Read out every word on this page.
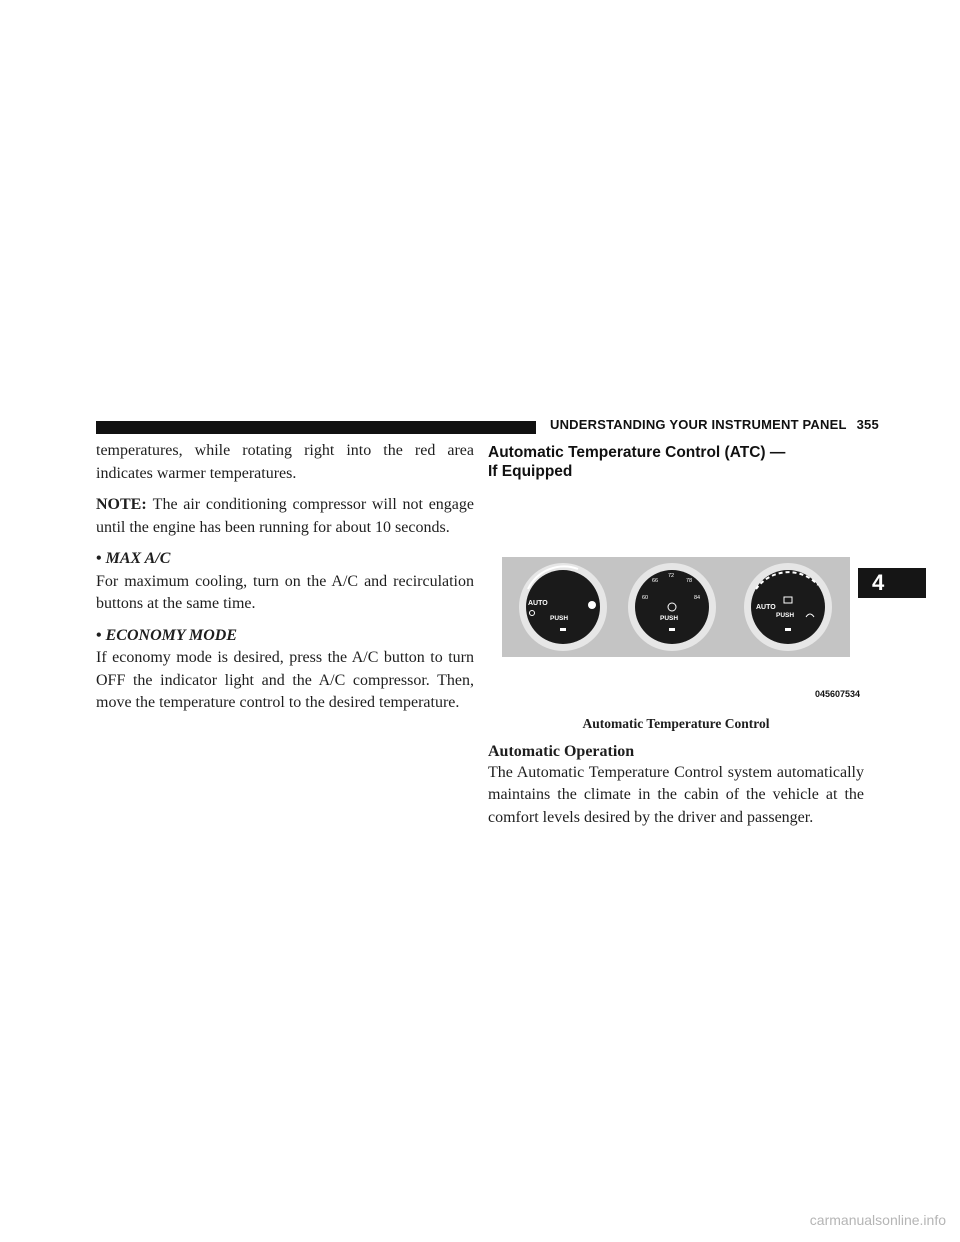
UNDERSTANDING YOUR INSTRUMENT PANEL 355

temperatures, while rotating right into the red area indicates warmer temperatures.

NOTE: The air conditioning compressor will not engage until the engine has been running for about 10 seconds.

• MAX A/C

For maximum cooling, turn on the A/C and recirculation buttons at the same time.

• ECONOMY MODE

If economy mode is desired, press the A/C button to turn OFF the indicator light and the A/C compressor. Then, move the temperature control to the desired temperature.

Automatic Temperature Control (ATC) —
If Equipped
AUTO
PUSH
60
66
72
78
84
PUSH
AUTO
PUSH
045607534

Automatic Temperature Control

Automatic Operation

The Automatic Temperature Control system automatically maintains the climate in the cabin of the vehicle at the comfort levels desired by the driver and passenger.

4
carmanualsonline.info
